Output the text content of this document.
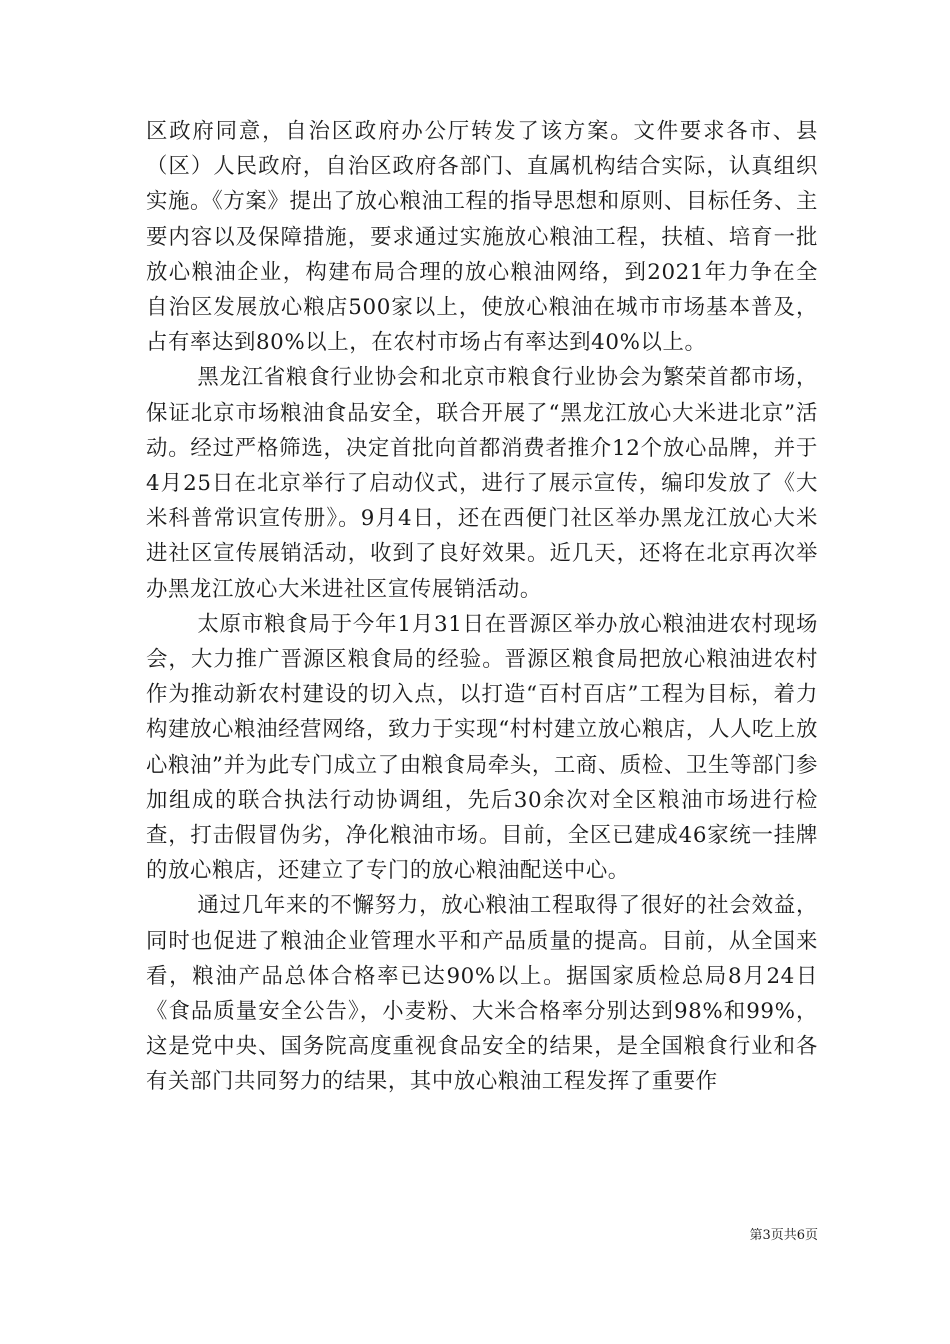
区政府同意，自治区政府办公厅转发了该方案。文件要求各市、县（区）人民政府，自治区政府各部门、直属机构结合实际，认真组织实施。《方案》提出了放心粮油工程的指导思想和原则、目标任务、主要内容以及保障措施，要求通过实施放心粮油工程，扶植、培育一批放心粮油企业，构建布局合理的放心粮油网络，到2021年力争在全自治区发展放心粮店500家以上，使放心粮油在城市市场基本普及，占有率达到80%以上，在农村市场占有率达到40%以上。

黑龙江省粮食行业协会和北京市粮食行业协会为繁荣首都市场，保证北京市场粮油食品安全，联合开展了“黑龙江放心大米进北京”活动。经过严格筛选，决定首批向首都消费者推介12个放心品牌，并于4月25日在北京举行了启动仪式，进行了展示宣传，编印发放了《大米科普常识宣传册》。9月4日，还在西便门社区举办黑龙江放心大米进社区宣传展销活动，收到了良好效果。近几天，还将在北京再次举办黑龙江放心大米进社区宣传展销活动。

太原市粮食局于今年1月31日在晋源区举办放心粮油进农村现场会，大力推广晋源区粮食局的经验。晋源区粮食局把放心粮油进农村作为推动新农村建设的切入点，以打造“百村百店”工程为目标，着力构建放心粮油经营网络，致力于实现“村村建立放心粮店，人人吃上放心粮油”并为此专门成立了由粮食局牵头，工商、质检、卫生等部门参加组成的联合执法行动协调组，先后30余次对全区粮油市场进行检查，打击假冒伪劣，净化粮油市场。目前，全区已建成46家统一挂牌的放心粮店，还建立了专门的放心粮油配送中心。

通过几年来的不懈努力，放心粮油工程取得了很好的社会效益，同时也促进了粮油企业管理水平和产品质量的提高。目前，从全国来看，粮油产品总体合格率已达90%以上。据国家质检总局8月24日《食品质量安全公告》，小麦粉、大米合格率分别达到98%和99%，这是党中央、国务院高度重视食品安全的结果，是全国粮食行业和各有关部门共同努力的结果，其中放心粮油工程发挥了重要作

第3页共6页
